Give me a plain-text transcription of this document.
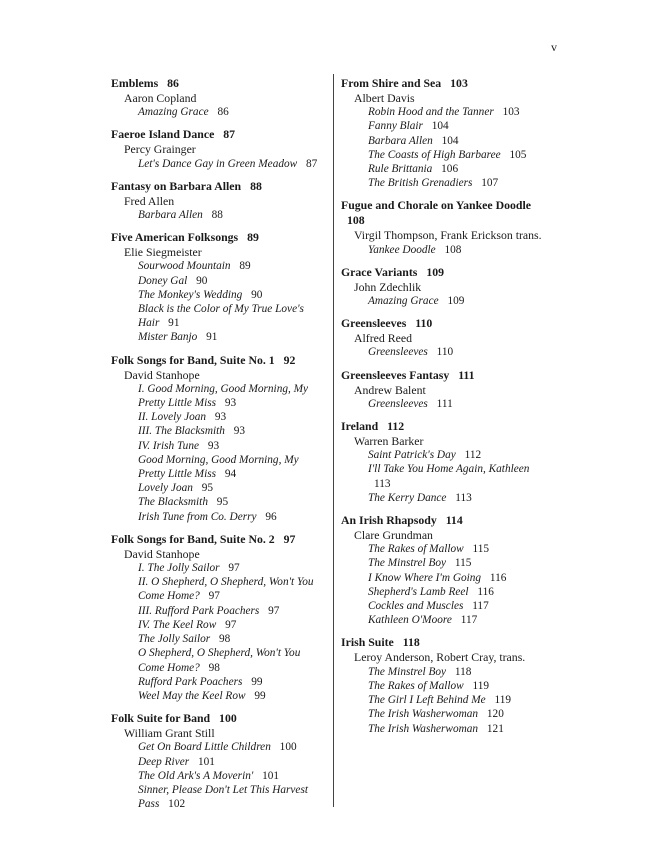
v
Emblems 86
Aaron Copland
Amazing Grace 86
Faeroe Island Dance 87
Percy Grainger
Let's Dance Gay in Green Meadow 87
Fantasy on Barbara Allen 88
Fred Allen
Barbara Allen 88
Five American Folksongs 89
Elie Siegmeister
Sourwood Mountain 89
Doney Gal 90
The Monkey's Wedding 90
Black is the Color of My True Love's Hair 91
Mister Banjo 91
Folk Songs for Band, Suite No. 1 92
David Stanhope
I. Good Morning, Good Morning, My Pretty Little Miss 93
II. Lovely Joan 93
III. The Blacksmith 93
IV. Irish Tune 93
Good Morning, Good Morning, My Pretty Little Miss 94
Lovely Joan 95
The Blacksmith 95
Irish Tune from Co. Derry 96
Folk Songs for Band, Suite No. 2 97
David Stanhope
I. The Jolly Sailor 97
II. O Shepherd, O Shepherd, Won't You Come Home? 97
III. Rufford Park Poachers 97
IV. The Keel Row 97
The Jolly Sailor 98
O Shepherd, O Shepherd, Won't You Come Home? 98
Rufford Park Poachers 99
Weel May the Keel Row 99
Folk Suite for Band 100
William Grant Still
Get On Board Little Children 100
Deep River 101
The Old Ark's A Moverin' 101
Sinner, Please Don't Let This Harvest Pass 102
From Shire and Sea 103
Albert Davis
Robin Hood and the Tanner 103
Fanny Blair 104
Barbara Allen 104
The Coasts of High Barbaree 105
Rule Brittania 106
The British Grenadiers 107
Fugue and Chorale on Yankee Doodle 108
Virgil Thompson, Frank Erickson trans.
Yankee Doodle 108
Grace Variants 109
John Zdechlik
Amazing Grace 109
Greensleeves 110
Alfred Reed
Greensleeves 110
Greensleeves Fantasy 111
Andrew Balent
Greensleeves 111
Ireland 112
Warren Barker
Saint Patrick's Day 112
I'll Take You Home Again, Kathleen 113
The Kerry Dance 113
An Irish Rhapsody 114
Clare Grundman
The Rakes of Mallow 115
The Minstrel Boy 115
I Know Where I'm Going 116
Shepherd's Lamb Reel 116
Cockles and Muscles 117
Kathleen O'Moore 117
Irish Suite 118
Leroy Anderson, Robert Cray, trans.
The Minstrel Boy 118
The Rakes of Mallow 119
The Girl I Left Behind Me 119
The Irish Washerwoman 120
The Irish Washerwoman 121
